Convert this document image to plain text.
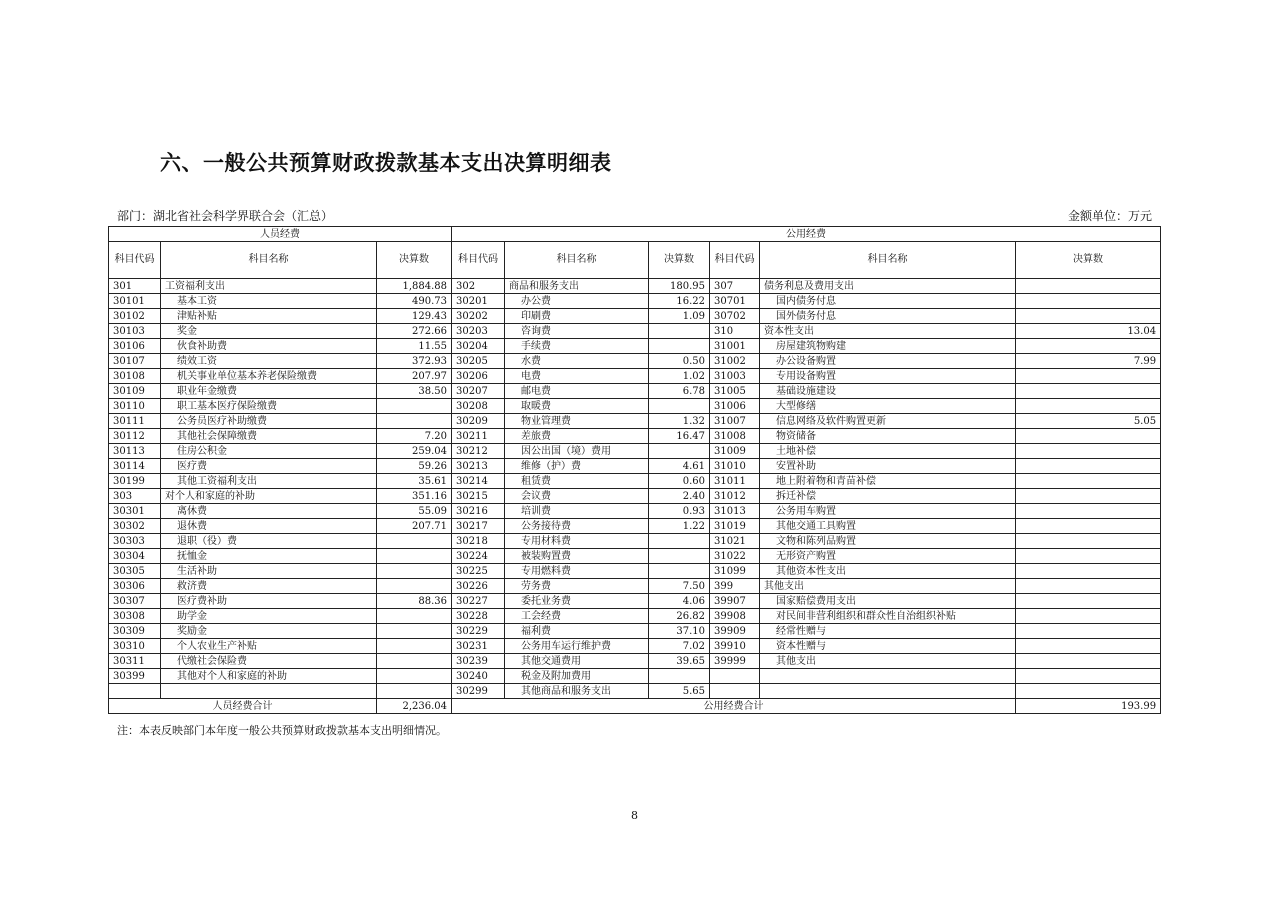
六、一般公共预算财政拨款基本支出决算明细表
部门：湖北省社会科学界联合会（汇总）	金额单位：万元
人员经费			公用经费					
科目代码	科目名称	决算数	科目代码	科目名称	决算数	科目代码	科目名称	决算数
301	工资福利支出	1,884.88	302	商品和服务支出	180.95	307	债务利息及费用支出	
30101	基本工资	490.73	30201	办公费	16.22	30701	国内债务付息	
30102	津贴补贴	129.43	30202	印刷费	1.09	30702	国外债务付息	
30103	奖金	272.66	30203	咨询费		310	资本性支出	13.04
30106	伙食补助费	11.55	30204	手续费		31001	房屋建筑物购建	
30107	绩效工资	372.93	30205	水费	0.50	31002	办公设备购置	7.99
30108	机关事业单位基本养老保险缴费	207.97	30206	电费	1.02	31003	专用设备购置	
30109	职业年金缴费	38.50	30207	邮电费	6.78	31005	基础设施建设	
30110	职工基本医疗保险缴费		30208	取暖费		31006	大型修缮	
30111	公务员医疗补助缴费		30209	物业管理费	1.32	31007	信息网络及软件购置更新	5.05
30112	其他社会保障缴费	7.20	30211	差旅费	16.47	31008	物资储备	
30113	住房公积金	259.04	30212	因公出国（境）费用		31009	土地补偿	
30114	医疗费	59.26	30213	维修（护）费	4.61	31010	安置补助	
30199	其他工资福利支出	35.61	30214	租赁费	0.60	31011	地上附着物和青苗补偿	
303	对个人和家庭的补助	351.16	30215	会议费	2.40	31012	拆迁补偿	
30301	离休费	55.09	30216	培训费	0.93	31013	公务用车购置	
30302	退休费	207.71	30217	公务接待费	1.22	31019	其他交通工具购置	
30303	退职（役）费		30218	专用材料费		31021	文物和陈列品购置	
30304	抚恤金		30224	被装购置费		31022	无形资产购置	
30305	生活补助		30225	专用燃料费		31099	其他资本性支出	
30306	救济费		30226	劳务费	7.50	399	其他支出	
30307	医疗费补助	88.36	30227	委托业务费	4.06	39907	国家赔偿费用支出	
30308	助学金		30228	工会经费	26.82	39908	对民间非营利组织和群众性自治组织补贴	
30309	奖励金		30229	福利费	37.10	39909	经常性赠与	
30310	个人农业生产补贴		30231	公务用车运行维护费	7.02	39910	资本性赠与	
30311	代缴社会保险费		30239	其他交通费用	39.65	39999	其他支出	
30399	其他对个人和家庭的补助		30240	税金及附加费用				
			30299	其他商品和服务支出	5.65			
人员经费合计		2,236.04	公用经费合计					193.99
注：本表反映部门本年度一般公共预算财政拨款基本支出明细情况。
8
